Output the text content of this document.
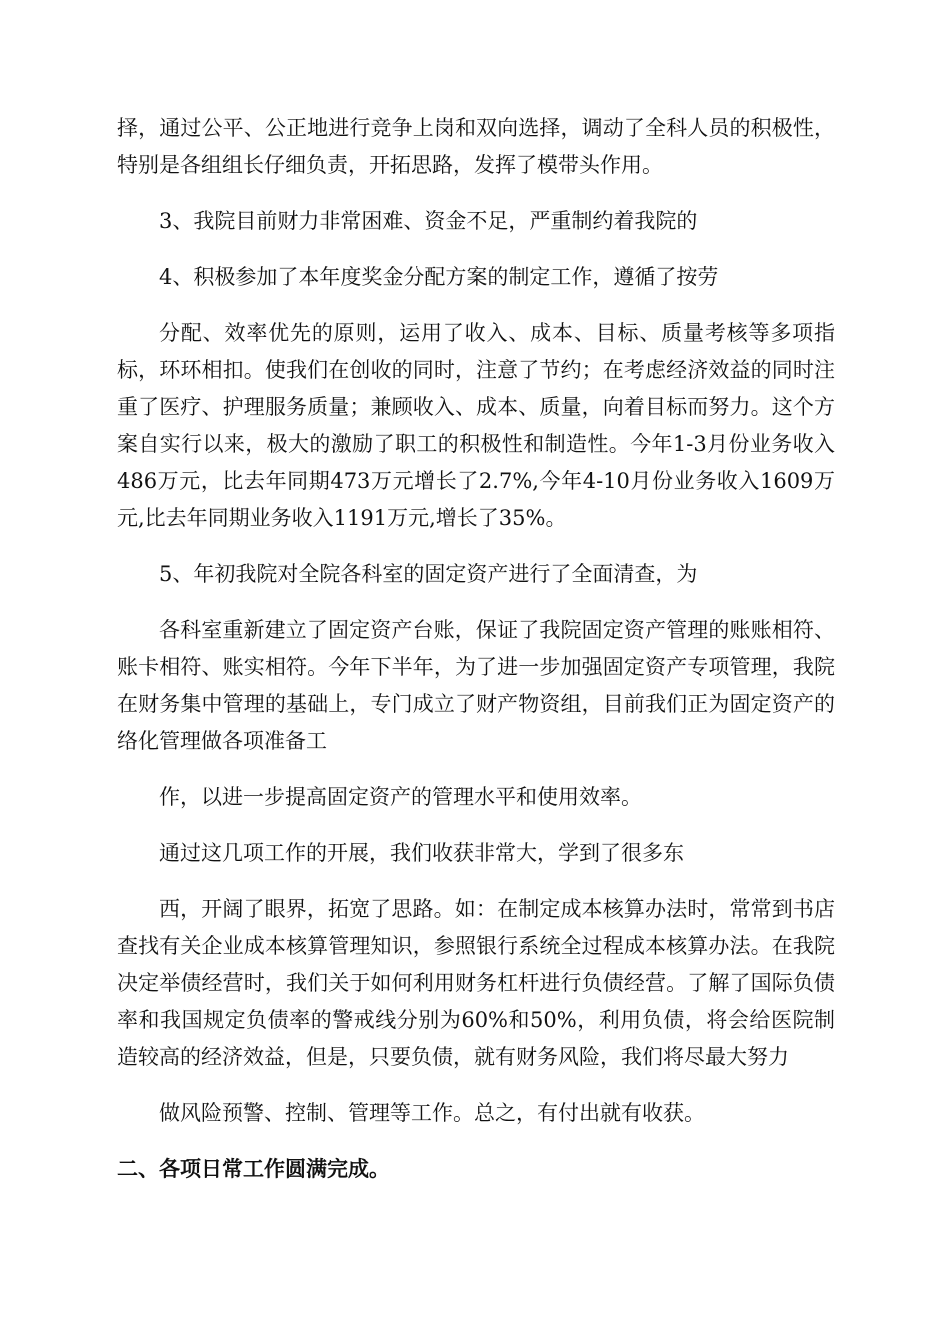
择，通过公平、公正地进行竞争上岗和双向选择，调动了全科人员的积极性，特别是各组组长仔细负责，开拓思路，发挥了模带头作用。

3、我院目前财力非常困难、资金不足，严重制约着我院的

4、积极参加了本年度奖金分配方案的制定工作，遵循了按劳

分配、效率优先的原则，运用了收入、成本、目标、质量考核等多项指标，环环相扣。使我们在创收的同时，注意了节约；在考虑经济效益的同时注重了医疗、护理服务质量；兼顾收入、成本、质量，向着目标而努力。这个方案自实行以来，极大的激励了职工的积极性和制造性。今年1-3月份业务收入486万元，比去年同期473万元增长了2.7%,今年4-10月份业务收入1609万元,比去年同期业务收入1191万元,增长了35%。

5、年初我院对全院各科室的固定资产进行了全面清查，为

各科室重新建立了固定资产台账，保证了我院固定资产管理的账账相符、账卡相符、账实相符。今年下半年，为了进一步加强固定资产专项管理，我院在财务集中管理的基础上，专门成立了财产物资组，目前我们正为固定资产的络化管理做各项准备工

作，以进一步提高固定资产的管理水平和使用效率。

通过这几项工作的开展，我们收获非常大，学到了很多东

西，开阔了眼界，拓宽了思路。如：在制定成本核算办法时，常常到书店查找有关企业成本核算管理知识，参照银行系统全过程成本核算办法。在我院决定举债经营时，我们关于如何利用财务杠杆进行负债经营。了解了国际负债率和我国规定负债率的警戒线分别为60%和50%，利用负债，将会给医院制造较高的经济效益，但是，只要负债，就有财务风险，我们将尽最大努力

做风险预警、控制、管理等工作。总之，有付出就有收获。

二、各项日常工作圆满完成。
